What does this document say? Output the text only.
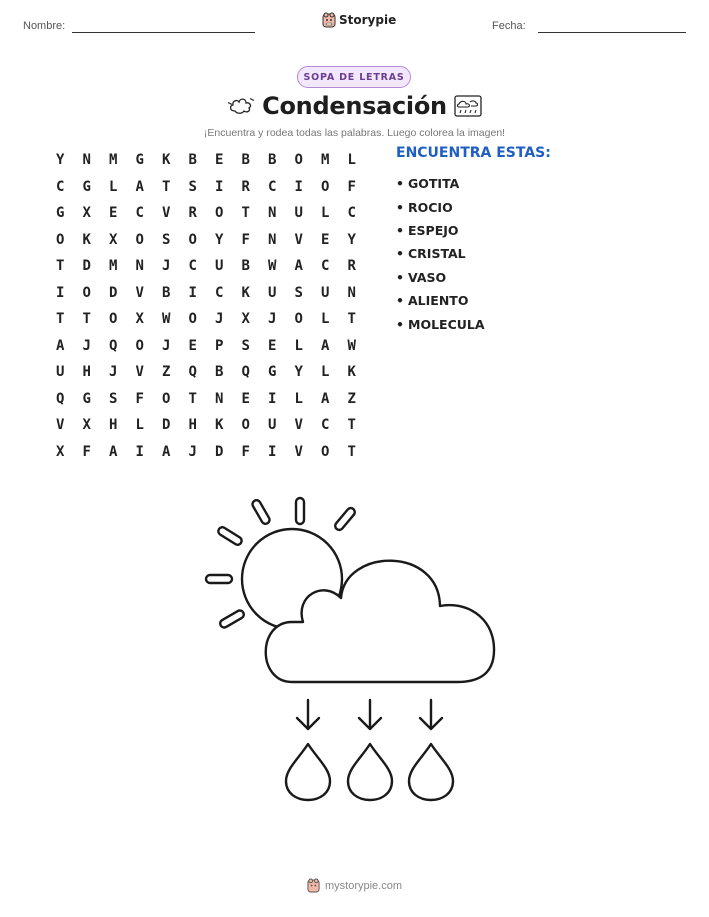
Nombre:	Storypie	Fecha:
SOPA DE LETRAS
Condensación
¡Encuentra y rodea todas las palabras. Luego colorea la imagen!
Y	N	M	G	K	B	E	B	B	O	M	L
C	G	L	A	T	S	I	R	C	I	O	F
G	X	E	C	V	R	O	T	N	U	L	C
O	K	X	O	S	O	Y	F	N	V	E	Y
T	D	M	N	J	C	U	B	W	A	C	R
I	O	D	V	B	I	C	K	U	S	U	N
T	T	O	X	W	O	J	X	J	O	L	T
A	J	Q	O	J	E	P	S	E	L	A	W
U	H	J	V	Z	Q	B	Q	G	Y	L	K
Q	G	S	F	O	T	N	E	I	L	A	Z
V	X	H	L	D	H	K	O	U	V	C	T
X	F	A	I	A	J	D	F	I	V	O	T
ENCUENTRA ESTAS:
• GOTITA
• ROCIO
• ESPEJO
• CRISTAL
• VASO
• ALIENTO
• MOLECULA
mystorypie.com
